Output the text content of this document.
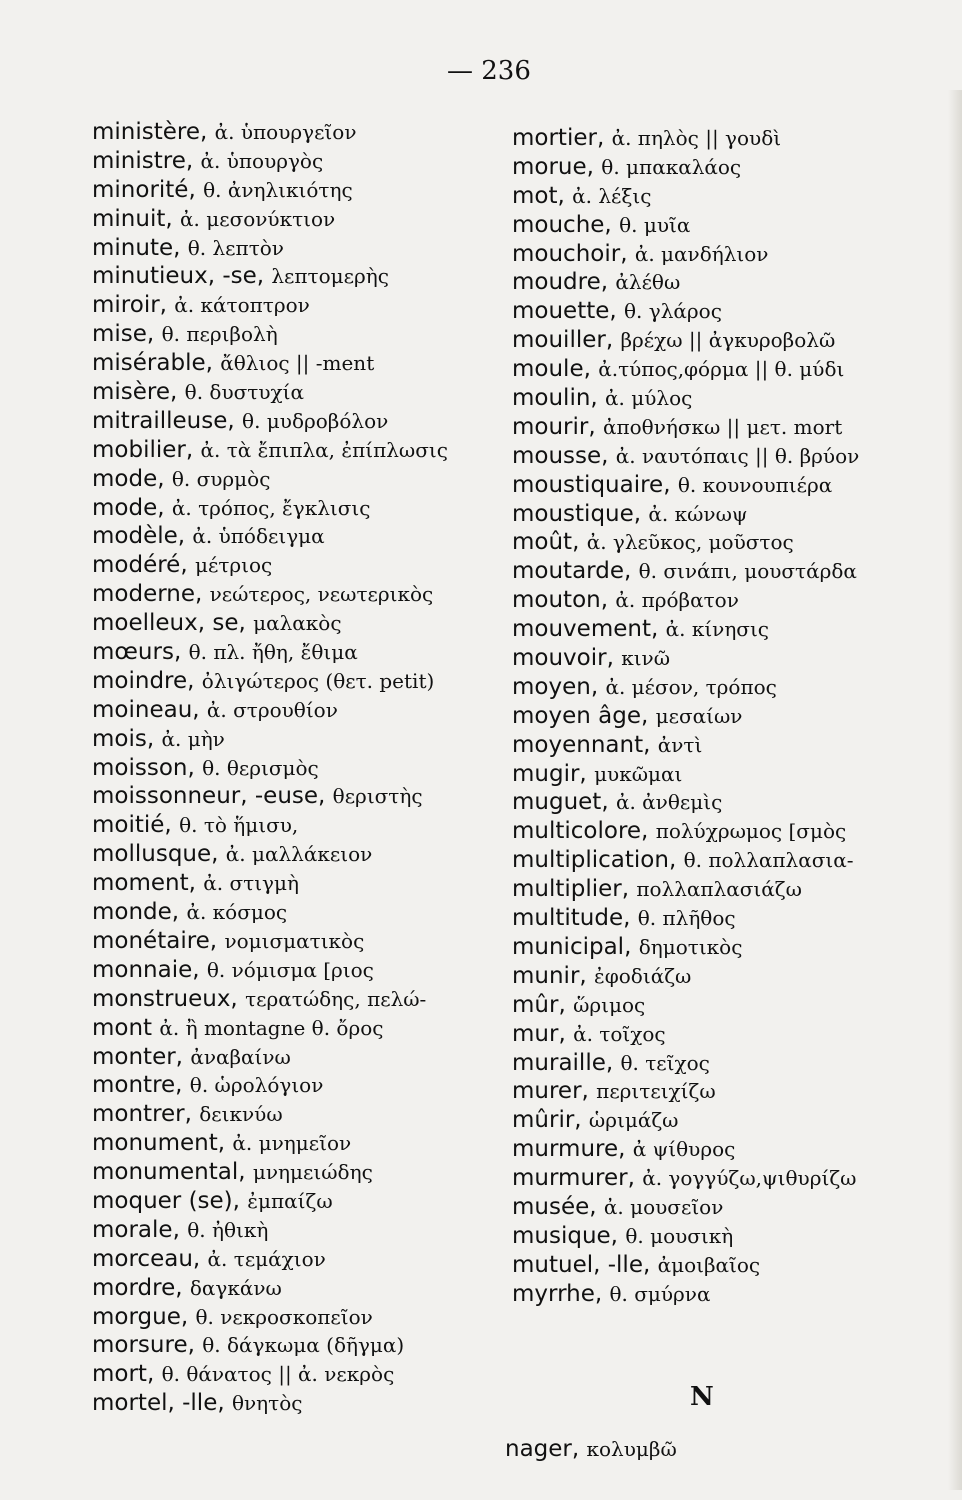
— 236
ministère, ἀ. ὑπουργεῖον
ministre, ἀ. ὑπουργὸς
minorité, θ. ἀνηλικιότης
minuit, ἀ. μεσονύκτιον
minute, θ. λεπτὸν
minutieux, -se, λεπτομερὴς
miroir, ἀ. κάτοπτρον
mise, θ. περιβολὴ
misérable, ἄθλιος || -ment
misère, θ. δυστυχία
mitrailleuse, θ. μυδροβόλον
mobilier, ἀ. τὰ ἔπιπλα, ἐπίπλωσις
mode, θ. συρμὸς
mode, ἀ. τρόπος, ἔγκλισις
modèle, ἀ. ὑπόδειγμα
modéré, μέτριος
moderne, νεώτερος, νεωτερικὸς
moelleux, se, μαλακὸς
mœurs, θ. πλ. ἤθη, ἔθιμα
moindre, ὀλιγώτερος (θετ. petit)
moineau, ἀ. στρουθίον
mois, ἀ. μὴν
moisson, θ. θερισμὸς
moissonneur, -euse, θεριστὴς
moitié, θ. τὸ ἥμισυ,
mollusque, ἀ. μαλλάκειον
moment, ἀ. στιγμὴ
monde, ἀ. κόσμος
monétaire, νομισματικὸς
monnaie, θ. νόμισμα [ριος
monstrueux, τερατώδης, πελώ-
mont ἀ. ἢ montagne θ. ὄρος
monter, ἀναβαίνω
montre, θ. ὡρολόγιον
montrer, δεικνύω
monument, ἀ. μνημεῖον
monumental, μνημειώδης
moquer (se), ἐμπαίζω
morale, θ. ἠθικὴ
morceau, ἀ. τεμάχιον
mordre, δαγκάνω
morgue, θ. νεκροσκοπεῖον
morsure, θ. δάγκωμα (δῆγμα)
mort, θ. θάνατος || ἀ. νεκρὸς
mortel, -lle, θνητὸς
mortier, ἀ. πηλὸς || γουδὶ
morue, θ. μπακαλάος
mot, ἀ. λέξις
mouche, θ. μυῖα
mouchoir, ἀ. μανδήλιον
moudre, ἀλέθω
mouette, θ. γλάρος
mouiller, βρέχω || ἀγκυροβολῶ
moule, ἀ.τύπος,φόρμα || θ. μύδι
moulin, ἀ. μύλος
mourir, ἀποθνήσκω || μετ. mort
mousse, ἀ. ναυτόπαις || θ. βρύον
moustiquaire, θ. κουνουπιέρα
moustique, ἀ. κώνωψ
moût, ἀ. γλεῦκος, μοῦστος
moutarde, θ. σινάπι, μουστάρδα
mouton, ἀ. πρόβατον
mouvement, ἀ. κίνησις
mouvoir, κινῶ
moyen, ἀ. μέσον, τρόπος
moyen âge, μεσαίων
moyennant, ἀντὶ
mugir, μυκῶμαι
muguet, ἀ. ἀνθεμὶς
multicolore, πολύχρωμος [σμὸς
multiplication, θ. πολλαπλασια-
multiplier, πολλαπλασιάζω
multitude, θ. πλῆθος
municipal, δημοτικὸς
munir, ἐφοδιάζω
mûr, ὥριμος
mur, ἀ. τοῖχος
muraille, θ. τεῖχος
murer, περιτειχίζω
mûrir, ὡριμάζω
murmure, ἀ ψίθυρος
murmurer, ἀ. γογγύζω,ψιθυρίζω
musée, ἀ. μουσεῖον
musique, θ. μουσικὴ
mutuel, -lle, ἀμοιβαῖος
myrrhe, θ. σμύρνα
N
nager, κολυμβῶ
